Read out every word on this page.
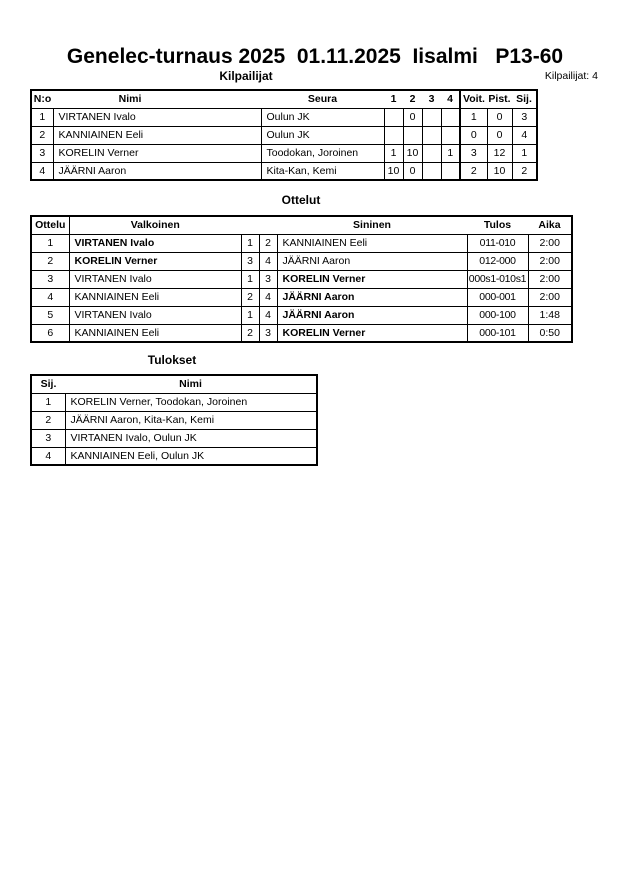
Genelec-turnaus 2025  01.11.2025  Iisalmi   P13-60
Kilpailijat	Kilpailijat: 4
N:o	Nimi	Seura	1	2	3	4	Voit.	Pist.	Sij.
1	VIRTANEN Ivalo	Oulun JK		0			1	0	3
2	KANNIAINEN Eeli	Oulun JK					0	0	4
3	KORELIN Verner	Toodokan, Joroinen	1	10		1	3	12	1
4	JÄÄRNI Aaron	Kita-Kan, Kemi	10	0			2	10	2
Ottelut
Ottelu	Valkoinen			Sininen	Tulos	Aika
1	VIRTANEN Ivalo	1	2	KANNIAINEN Eeli	011-010	2:00
2	KORELIN Verner	3	4	JÄÄRNI Aaron	012-000	2:00
3	VIRTANEN Ivalo	1	3	KORELIN Verner	000s1-010s1	2:00
4	KANNIAINEN Eeli	2	4	JÄÄRNI Aaron	000-001	2:00
5	VIRTANEN Ivalo	1	4	JÄÄRNI Aaron	000-100	1:48
6	KANNIAINEN Eeli	2	3	KORELIN Verner	000-101	0:50
Tulokset
Sij.	Nimi
1	KORELIN Verner, Toodokan, Joroinen
2	JÄÄRNI Aaron, Kita-Kan, Kemi
3	VIRTANEN Ivalo, Oulun JK
4	KANNIAINEN Eeli, Oulun JK
